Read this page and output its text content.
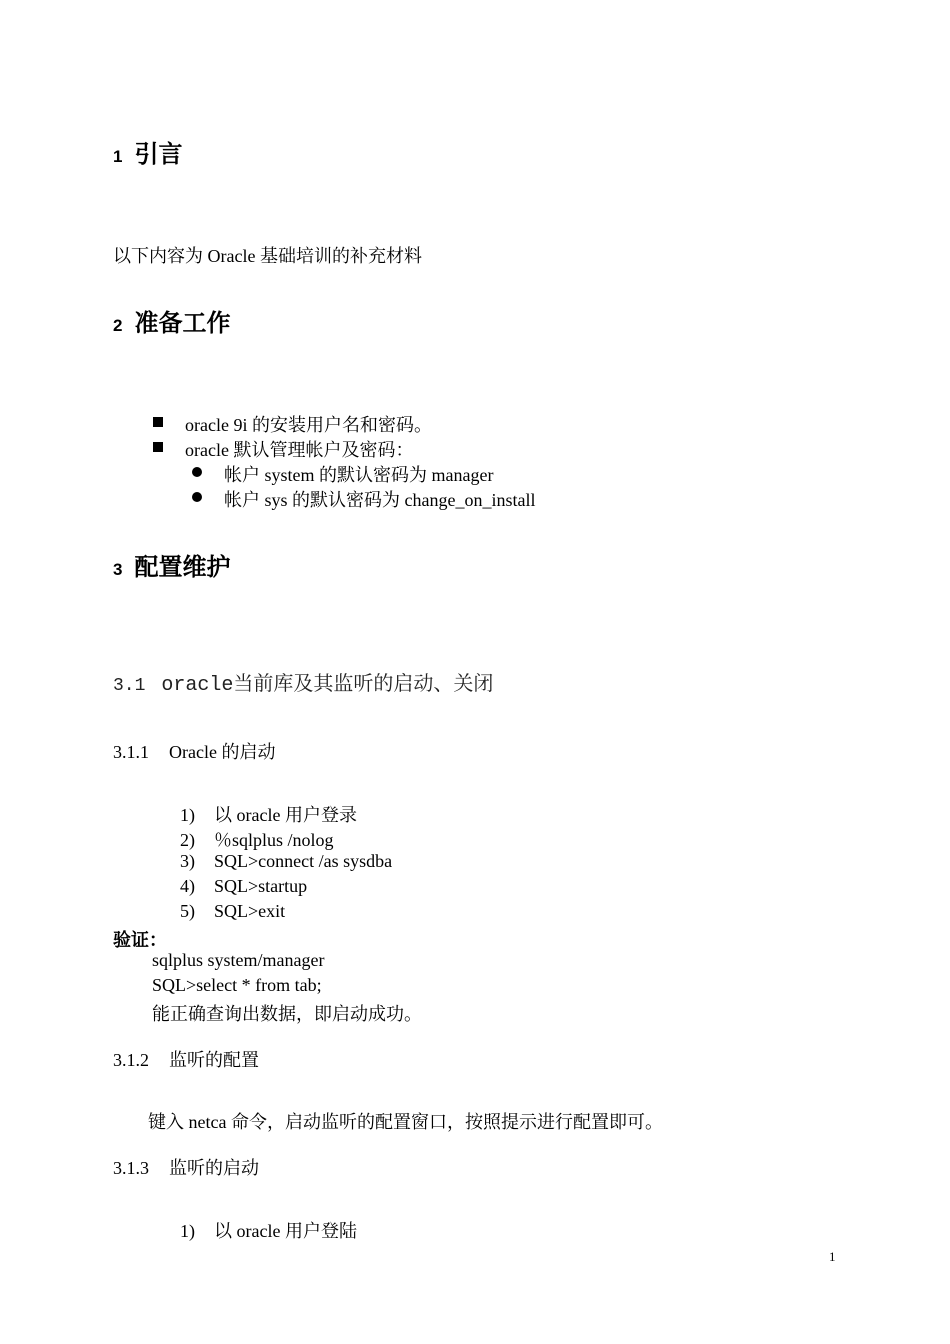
1 引言
以下内容为 Oracle 基础培训的补充材料
2 准备工作
oracle 9i 的安装用户名和密码。
oracle 默认管理帐户及密码：
帐户 system 的默认密码为 manager
帐户 sys 的默认密码为 change_on_install
3 配置维护
3.1 oracle当前库及其监听的启动、关闭
3.1.1 Oracle 的启动
1) 以 oracle 用户登录
2) ％sqlplus /nolog
3) SQL>connect /as sysdba
4) SQL>startup
5) SQL>exit
验证：
sqlplus system/manager
SQL>select * from tab;
能正确查询出数据，即启动成功。
3.1.2 监听的配置
键入 netca 命令，启动监听的配置窗口，按照提示进行配置即可。
3.1.3 监听的启动
1) 以 oracle 用户登陆
1
